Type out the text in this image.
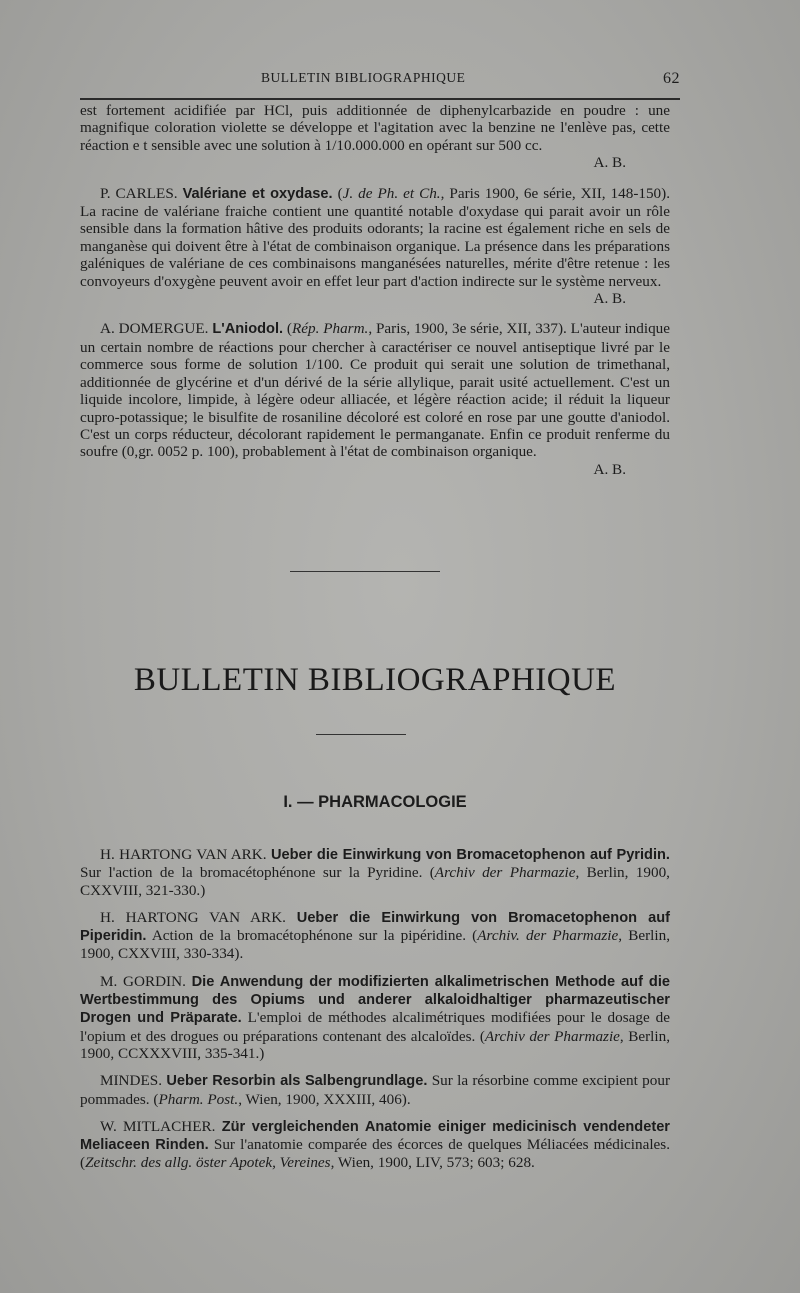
BULLETIN BIBLIOGRAPHIQUE	62

est fortement acidifiée par HCl, puis additionnée de diphenylcarbazide en poudre : une magnifique coloration violette se développe et l'agitation avec la benzine ne l'enlève pas, cette réaction e t sensible avec une solution à 1/10.000.000 en opérant sur 500 cc.

A. B.

P. CARLES. Valériane et oxydase. (J. de Ph. et Ch., Paris 1900, 6e série, XII, 148-150). La racine de valériane fraiche contient une quantité notable d'oxydase qui parait avoir un rôle sensible dans la formation hâtive des produits odorants; la racine est également riche en sels de manganèse qui doivent être à l'état de combinaison organique. La présence dans les préparations galéniques de valériane de ces combinaisons manganésées naturelles, mérite d'être retenue : les convoyeurs d'oxygène peuvent avoir en effet leur part d'action indirecte sur le système nerveux.

A. B.

A. DOMERGUE. L'Aniodol. (Rép. Pharm., Paris, 1900, 3e série, XII, 337). L'auteur indique un certain nombre de réactions pour chercher à caractériser ce nouvel antiseptique livré par le commerce sous forme de solution 1/100. Ce produit qui serait une solution de trimethanal, additionnée de glycérine et d'un dérivé de la série allylique, parait usité actuellement. C'est un liquide incolore, limpide, à légère odeur alliacée, et légère réaction acide; il réduit la liqueur cupro-potassique; le bisulfite de rosaniline décoloré est coloré en rose par une goutte d'aniodol. C'est un corps réducteur, décolorant rapidement le permanganate. Enfin ce produit renferme du soufre (0,gr. 0052 p. 100), probablement à l'état de combinaison organique.

A. B.

BULLETIN BIBLIOGRAPHIQUE
I. — PHARMACOLOGIE

H. HARTONG VAN ARK. Ueber die Einwirkung von Bromacetophenon auf Pyridin. Sur l'action de la bromacétophénone sur la Pyridine. (Archiv der Pharmazie, Berlin, 1900, CXXVIII, 321-330.)

H. HARTONG VAN ARK. Ueber die Einwirkung von Bromacetophenon auf Piperidin. Action de la bromacétophénone sur la pipéridine. (Archiv. der Pharmazie, Berlin, 1900, CXXVIII, 330-334).

M. GORDIN. Die Anwendung der modifizierten alkalimetrischen Methode auf die Wertbestimmung des Opiums und anderer alkaloidhaltiger pharmazeutischer Drogen und Präparate. L'emploi de méthodes alcalimétriques modifiées pour le dosage de l'opium et des drogues ou préparations contenant des alcaloïdes. (Archiv der Pharmazie, Berlin, 1900, CCXXXVIII, 335-341.)

MINDES. Ueber Resorbin als Salbengrundlage. Sur la résorbine comme excipient pour pommades. (Pharm. Post., Wien, 1900, XXXIII, 406).

W. MITLACHER. Zür vergleichenden Anatomie einiger medicinisch vendendeter Meliaceen Rinden. Sur l'anatomie comparée des écorces de quelques Méliacées médicinales. (Zeitschr. des allg. öster Apotek, Vereines, Wien, 1900, LIV, 573; 603; 628.
